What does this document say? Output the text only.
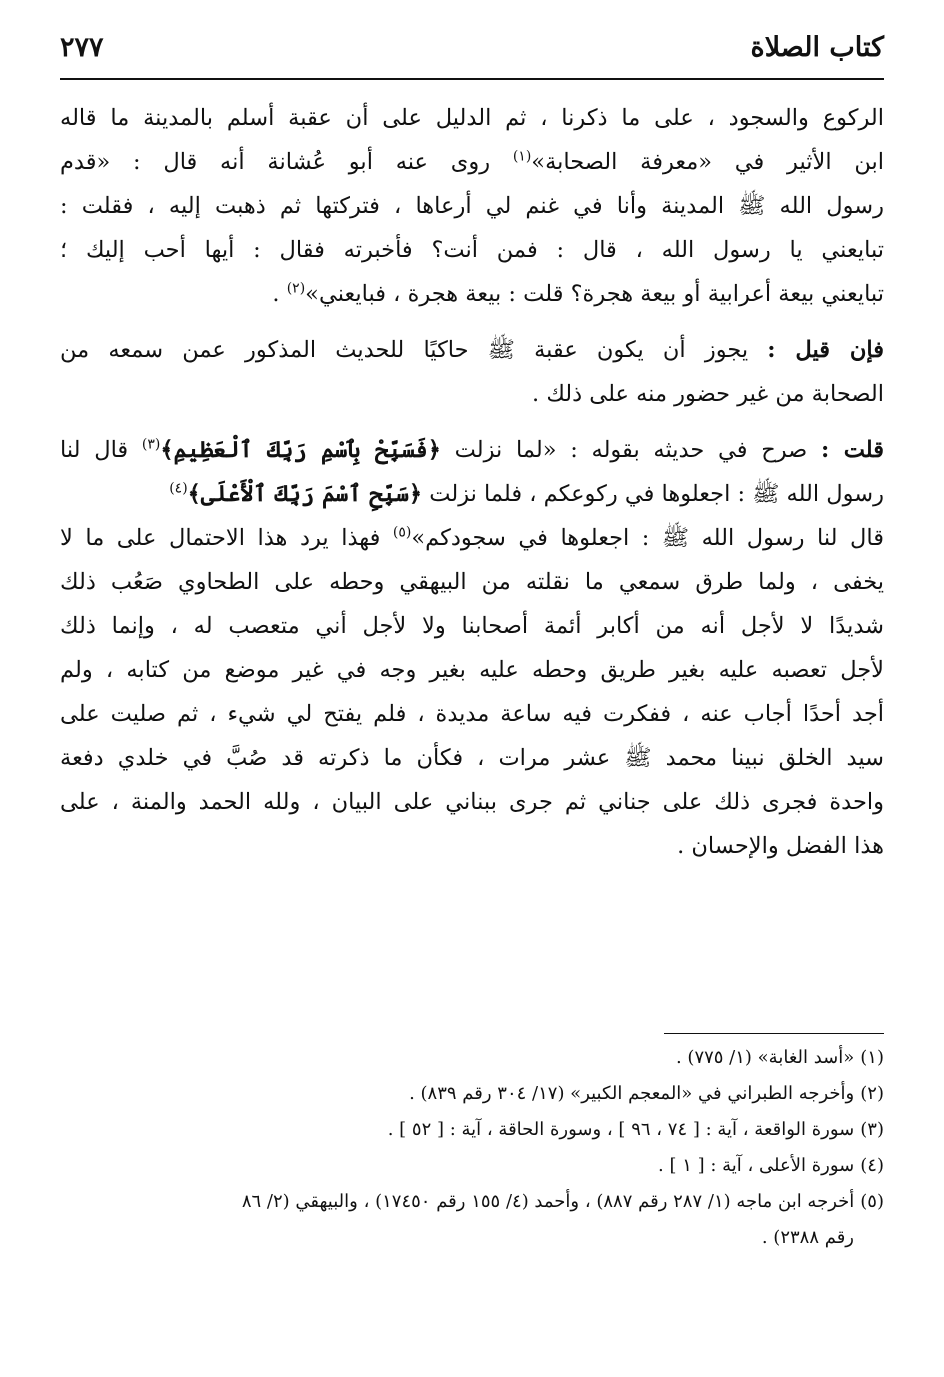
كتاب الصلاة
٢٧٧

الركوع والسجود ، على ما ذكرنا ، ثم الدليل على أن عقبة أسلم بالمدينة ما قاله
ابن الأثير في «معرفة الصحابة»$^{(١)}$ روى عنه أبو عُشانة أنه قال : «قدم
رسول الله ﷺ المدينة وأنا في غنم لي أرعاها ، فتركتها ثم ذهبت إليه ، فقلت :
تبايعني يا رسول الله ، قال : فمن أنت؟ فأخبرته فقال : أيها أحب إليك ؛
تبايعني بيعة أعرابية أو بيعة هجرة؟ قلت : بيعة هجرة ، فبايعني»$^{(٢)}$ .

فإن قيل : يجوز أن يكون عقبة ﷺ حاكيًا للحديث المذكور عمن سمعه من
الصحابة من غير حضور منه على ذلك .

قلت : صرح في حديثه بقوله : «لما نزلت ﴿فَسَبِّحْ بِٱسْمِ رَبِّكَ ٱلْعَظِيمِ﴾$^{(٣)}$ قال لنا
رسول الله ﷺ : اجعلوها في ركوعكم ، فلما نزلت ﴿سَبِّحِ ٱسْمَ رَبِّكَ ٱلْأَعْلَى﴾$^{(٤)}$
قال لنا رسول الله ﷺ : اجعلوها في سجودكم»$^{(٥)}$ فهذا يرد هذا الاحتمال على ما لا
يخفى ، ولما طرق سمعي ما نقلته من البيهقي وحطه على الطحاوي صَعُب ذلك
شديدًا لا لأجل أنه من أكابر أئمة أصحابنا ولا لأجل أني متعصب له ، وإنما ذلك
لأجل تعصبه عليه بغير طريق وحطه عليه بغير وجه في غير موضع من كتابه ، ولم
أجد أحدًا أجاب عنه ، ففكرت فيه ساعة مديدة ، فلم يفتح لي شيء ، ثم صليت على
سيد الخلق نبينا محمد ﷺ عشر مرات ، فكأن ما ذكرته قد صُبَّ في خلدي دفعة
واحدة فجرى ذلك على جناني ثم جرى ببناني على البيان ، ولله الحمد والمنة ، على
هذا الفضل والإحسان .

(١)«أسد الغابة» (١/ ٧٧٥) .
(٢)وأخرجه الطبراني في «المعجم الكبير» (١٧/ ٣٠٤ رقم ٨٣٩) .
(٣)سورة الواقعة ، آية : [ ٧٤ ، ٩٦ ] ، وسورة الحاقة ، آية : [ ٥٢ ] .
(٤)سورة الأعلى ، آية : [ ١ ] .
(٥)أخرجه ابن ماجه (١/ ٢٨٧ رقم ٨٨٧) ، وأحمد (٤/ ١٥٥ رقم ١٧٤٥٠) ، والبيهقي (٢/ ٨٦
رقم ٢٣٨٨) .
